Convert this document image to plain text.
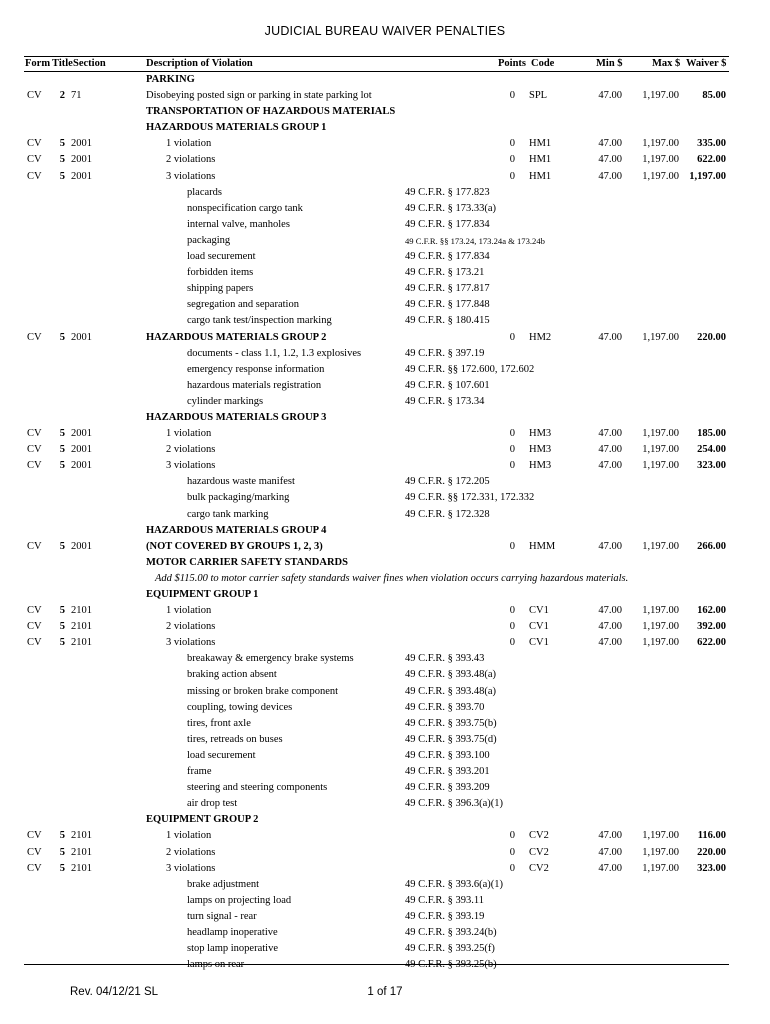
JUDICIAL BUREAU WAIVER PENALTIES
Form Title Section	Description of Violation	Points Code	Min $	Max $ Waiver $
PARKING
CV	2 71	Disobeying posted sign or parking in state parking lot	0 SPL	47.00	1,197.00	85.00
TRANSPORTATION OF HAZARDOUS MATERIALS
HAZARDOUS MATERIALS GROUP 1
CV	5 2001	1 violation	0 HM1	47.00	1,197.00	335.00
CV	5 2001	2 violations	0 HM1	47.00	1,197.00	622.00
CV	5 2001	3 violations	0 HM1	47.00	1,197.00 1,197.00
placards	49 C.F.R. § 177.823
nonspecification cargo tank	49 C.F.R. § 173.33(a)
internal valve, manholes	49 C.F.R. § 177.834
packaging	49 C.F.R. §§ 173.24, 173.24a & 173.24b
load securement	49 C.F.R. § 177.834
forbidden items	49 C.F.R. § 173.21
shipping papers	49 C.F.R. § 177.817
segregation and separation	49 C.F.R. § 177.848
cargo tank test/inspection marking	49 C.F.R. § 180.415
CV	5 2001	HAZARDOUS MATERIALS GROUP 2	0 HM2	47.00	1,197.00	220.00
documents - class 1.1, 1.2, 1.3 explosives	49 C.F.R. § 397.19
emergency response information	49 C.F.R. §§ 172.600, 172.602
hazardous materials registration	49 C.F.R. § 107.601
cylinder markings	49 C.F.R. § 173.34
HAZARDOUS MATERIALS GROUP 3
CV	5 2001	1 violation	0 HM3	47.00	1,197.00	185.00
CV	5 2001	2 violations	0 HM3	47.00	1,197.00	254.00
CV	5 2001	3 violations	0 HM3	47.00	1,197.00	323.00
hazardous waste manifest	49 C.F.R. § 172.205
bulk packaging/marking	49 C.F.R. §§ 172.331, 172.332
cargo tank marking	49 C.F.R. § 172.328
HAZARDOUS MATERIALS GROUP 4
CV	5 2001	(NOT COVERED BY GROUPS 1, 2, 3)	0 HMM	47.00	1,197.00	266.00
MOTOR CARRIER SAFETY STANDARDS
Add $115.00 to motor carrier safety standards waiver fines when violation occurs carrying hazardous materials.
EQUIPMENT GROUP 1
CV	5 2101	1 violation	0 CV1	47.00	1,197.00	162.00
CV	5 2101	2 violations	0 CV1	47.00	1,197.00	392.00
CV	5 2101	3 violations	0 CV1	47.00	1,197.00	622.00
breakaway & emergency brake systems	49 C.F.R. § 393.43
braking action absent	49 C.F.R. § 393.48(a)
missing or broken brake component	49 C.F.R. § 393.48(a)
coupling, towing devices	49 C.F.R. § 393.70
tires, front axle	49 C.F.R. § 393.75(b)
tires, retreads on buses	49 C.F.R. § 393.75(d)
load securement	49 C.F.R. § 393.100
frame	49 C.F.R. § 393.201
steering and steering components	49 C.F.R. § 393.209
air drop test	49 C.F.R. § 396.3(a)(1)
EQUIPMENT GROUP 2
CV	5 2101	1 violation	0 CV2	47.00	1,197.00	116.00
CV	5 2101	2 violations	0 CV2	47.00	1,197.00	220.00
CV	5 2101	3 violations	0 CV2	47.00	1,197.00	323.00
brake adjustment	49 C.F.R. § 393.6(a)(1)
lamps on projecting load	49 C.F.R. § 393.11
turn signal - rear	49 C.F.R. § 393.19
headlamp inoperative	49 C.F.R. § 393.24(b)
stop lamp inoperative	49 C.F.R. § 393.25(f)
lamps on rear	49 C.F.R. § 393.25(b)
Rev. 04/12/21 SL	1 of 17
